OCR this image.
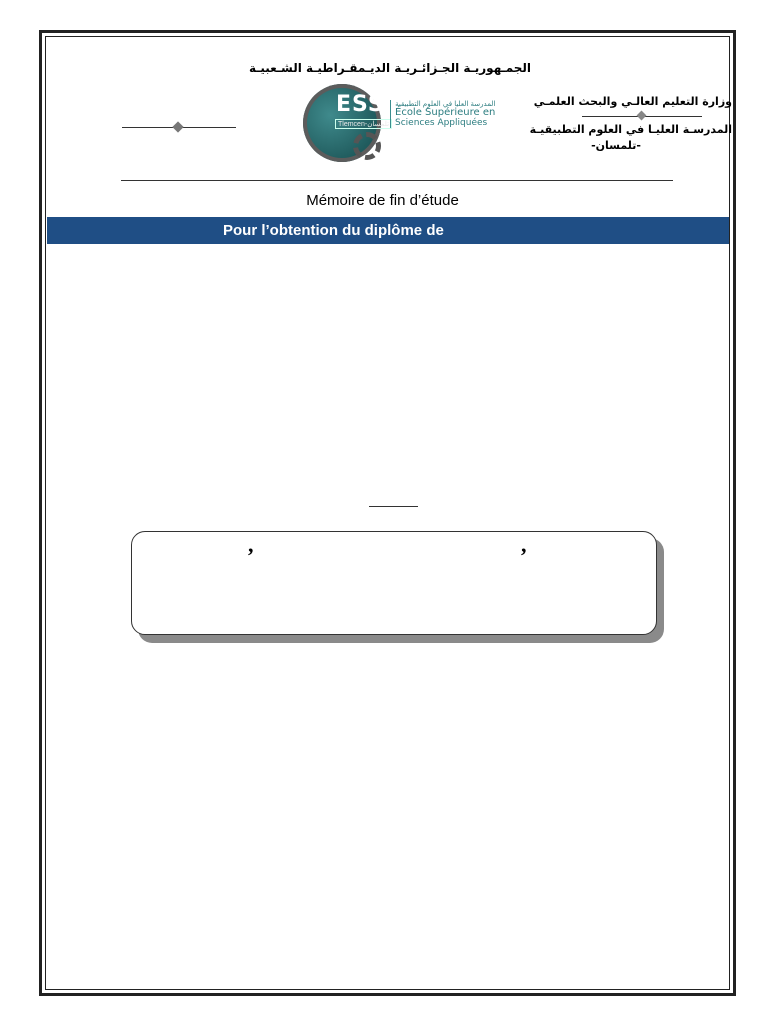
الجمـهوريـة الجـزائـريـة الديـمقـراطيـة الشـعبيـة
وزارة التعليم العالـي والبحث العلمـي
المدرسـة العليـا في العلوم التطبيقيـة
-تلمسان-
ESSA
Tlemcen-تلمسان
المدرسة العليا في العلوم التطبيقية
École Supérieure en
Sciences Appliquées
Mémoire de fin d’étude
Pour l’obtention du diplôme de
,	,
